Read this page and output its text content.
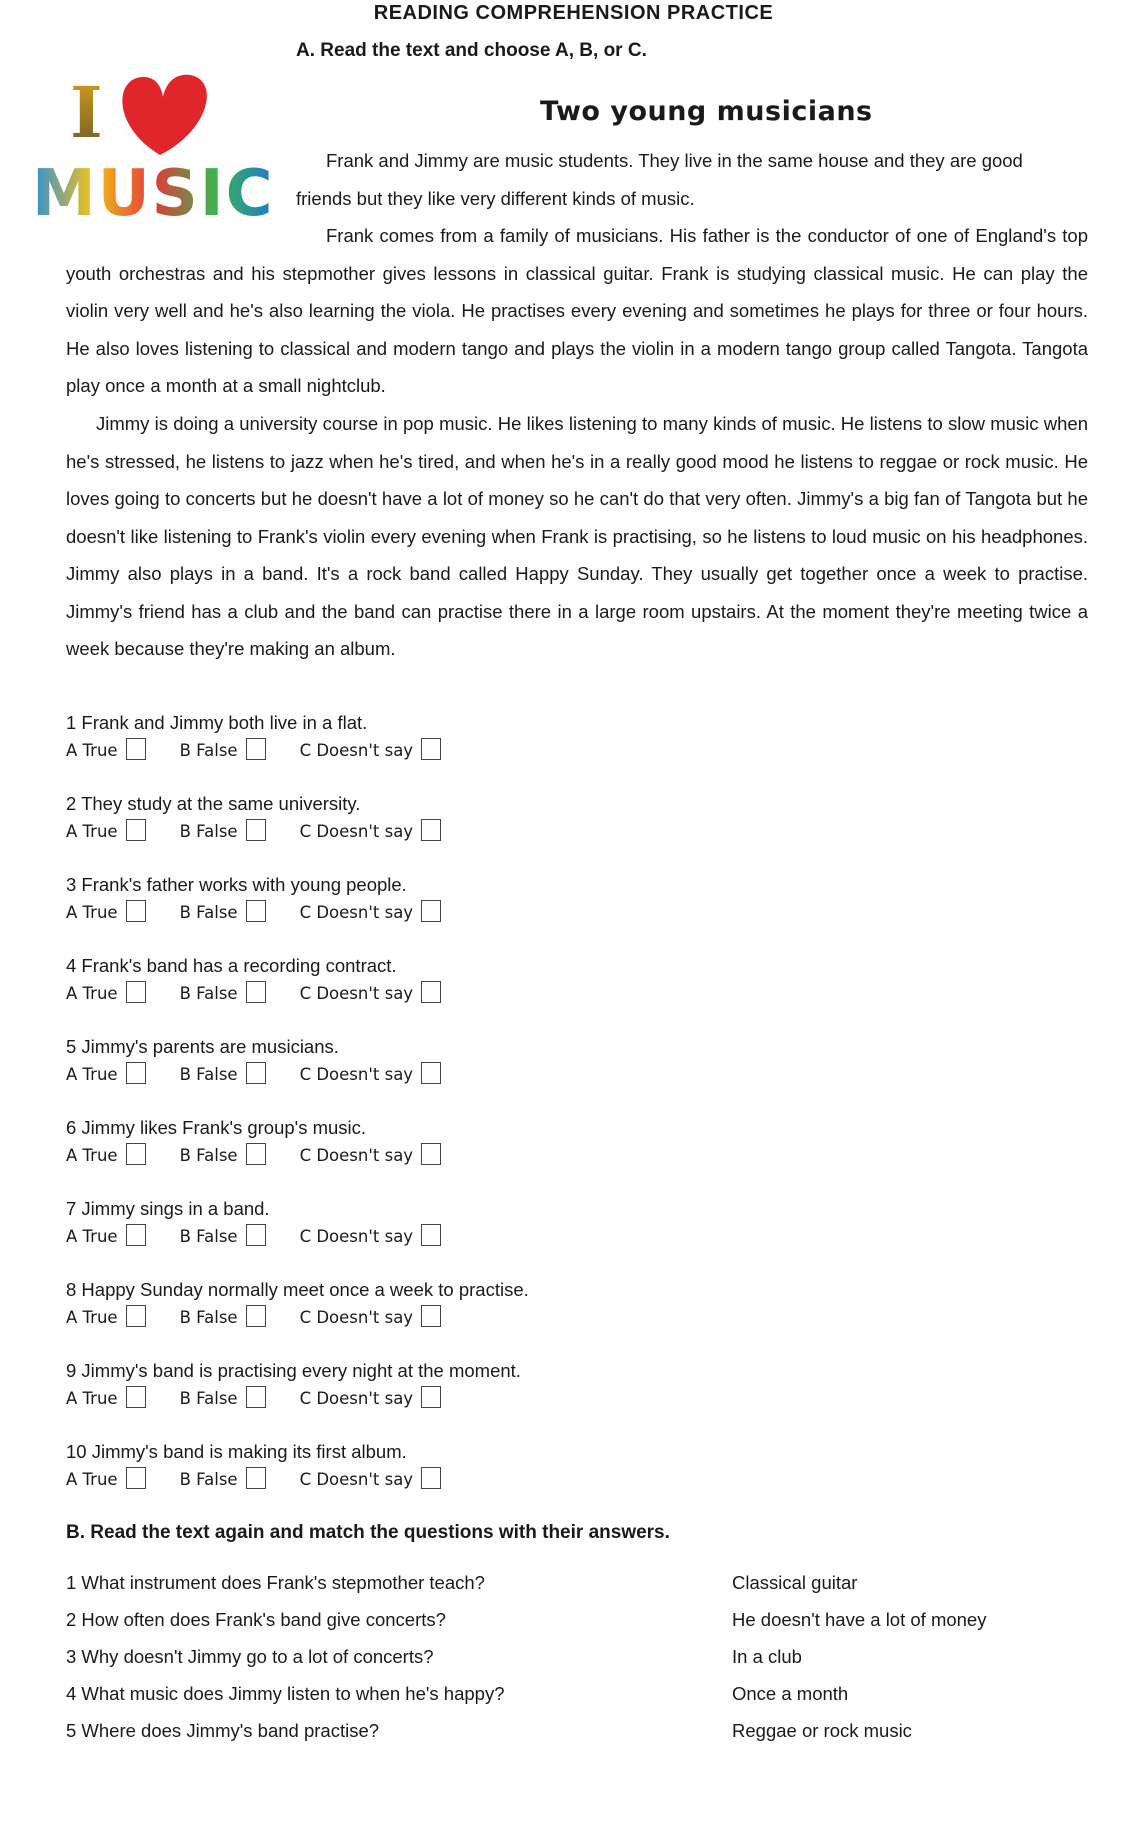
READING COMPREHENSION PRACTICE
A. Read the text and choose A, B, or C.
I
MUSIC
Two young musicians
Frank and Jimmy are music students. They live in the same house and they are good
friends but they like very different kinds of music.
Frank comes from a family of musicians. His father is the conductor of one of England's top youth orchestras and his stepmother gives lessons in classical guitar. Frank is studying classical music. He can play the violin very well and he's also learning the viola. He practises every evening and sometimes he plays for three or four hours. He also loves listening to classical and modern tango and plays the violin in a modern tango group called Tangota. Tangota play once a month at a small nightclub.
Jimmy is doing a university course in pop music. He likes listening to many kinds of music. He listens to slow music when he's stressed, he listens to jazz when he's tired, and when he's in a really good mood he listens to reggae or rock music. He loves going to concerts but he doesn't have a lot of money so he can't do that very often. Jimmy's a big fan of Tangota but he doesn't like listening to Frank's violin every evening when Frank is practising, so he listens to loud music on his headphones. Jimmy also plays in a band. It's a rock band called Happy Sunday. They usually get together once a week to practise. Jimmy's friend has a club and the band can practise there in a large room upstairs. At the moment they're meeting twice a week because they're making an album.
1 Frank and Jimmy both live in a flat.
A True	B False	C Doesn't say
2 They study at the same university.
A True	B False	C Doesn't say
3 Frank's father works with young people.
A True	B False	C Doesn't say
4 Frank's band has a recording contract.
A True	B False	C Doesn't say
5 Jimmy's parents are musicians.
A True	B False	C Doesn't say
6 Jimmy likes Frank's group's music.
A True	B False	C Doesn't say
7 Jimmy sings in a band.
A True	B False	C Doesn't say
8 Happy Sunday normally meet once a week to practise.
A True	B False	C Doesn't say
9 Jimmy's band is practising every night at the moment.
A True	B False	C Doesn't say
10 Jimmy's band is making its first album.
A True	B False	C Doesn't say
B. Read the text again and match the questions with their answers.
1 What instrument does Frank's stepmother teach?	Classical guitar
2 How often does Frank's band give concerts?	He doesn't have a lot of money
3 Why doesn't Jimmy go to a lot of concerts?	In a club
4 What music does Jimmy listen to when he's happy?	Once a month
5 Where does Jimmy's band practise?	Reggae or rock music
